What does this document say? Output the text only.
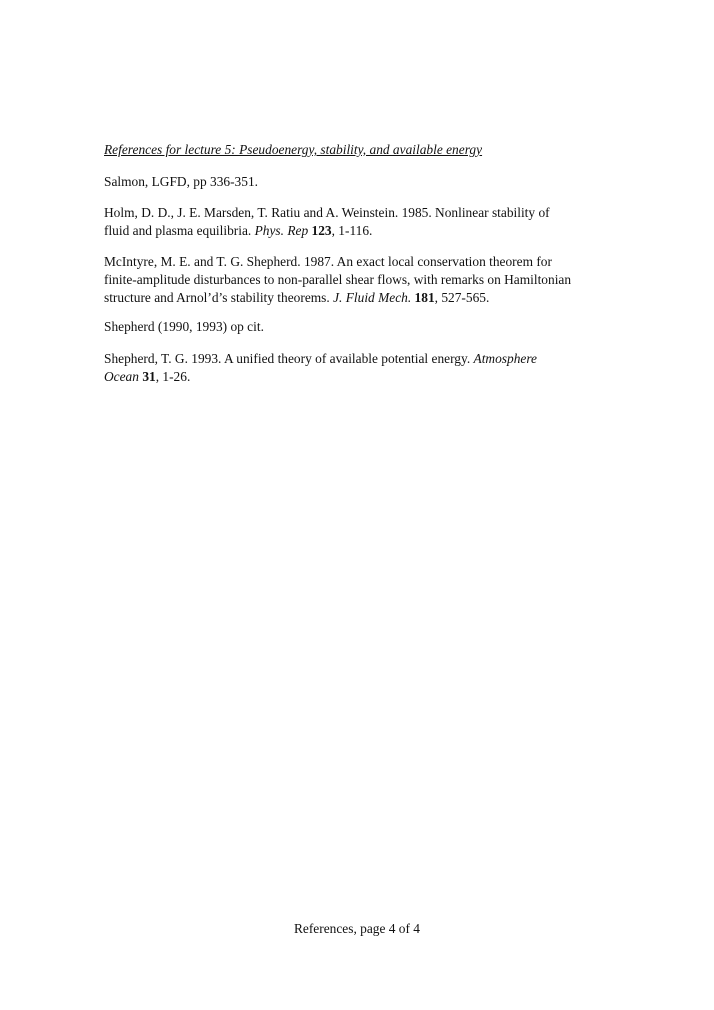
References for lecture 5: Pseudoenergy, stability, and available energy
Salmon, LGFD, pp 336-351.
Holm, D. D., J. E. Marsden, T. Ratiu and A. Weinstein. 1985. Nonlinear stability of
fluid and plasma equilibria. Phys. Rep 123, 1-116.
McIntyre, M. E. and T. G. Shepherd. 1987. An exact local conservation theorem for
finite-amplitude disturbances to non-parallel shear flows, with remarks on Hamiltonian
structure and Arnol’d’s stability theorems. J. Fluid Mech. 181, 527-565.
Shepherd (1990, 1993) op cit.
Shepherd, T. G. 1993. A unified theory of available potential energy. Atmosphere
Ocean 31, 1-26.
References, page 4 of 4
